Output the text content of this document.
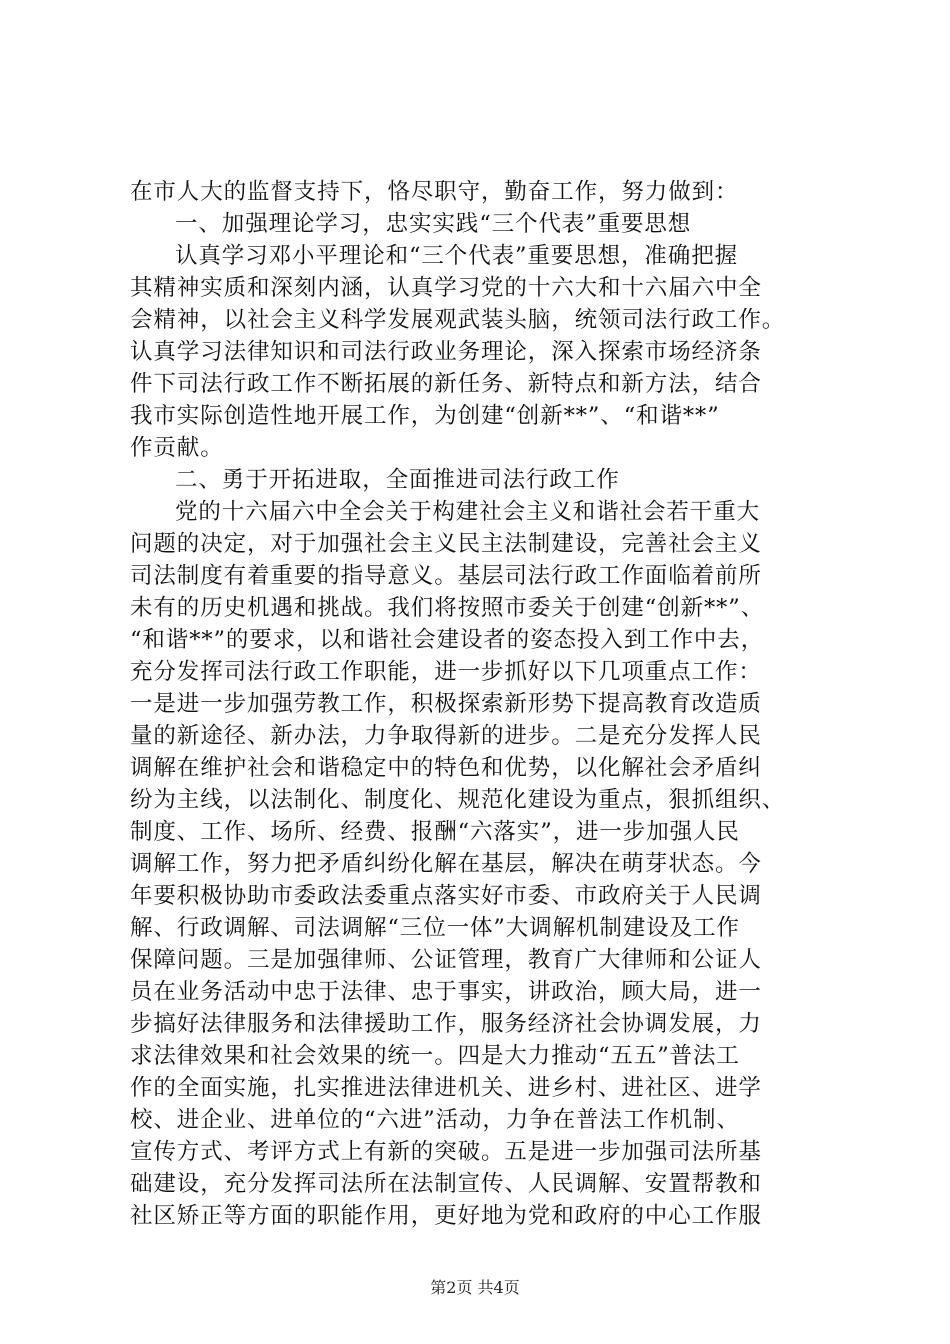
在市人大的监督支持下，恪尽职守，勤奋工作，努力做到：
一、加强理论学习，忠实实践“三个代表”重要思想
认真学习邓小平理论和“三个代表”重要思想，准确把握
其精神实质和深刻内涵，认真学习党的十六大和十六届六中全
会精神，以社会主义科学发展观武装头脑，统领司法行政工作。
认真学习法律知识和司法行政业务理论，深入探索市场经济条
件下司法行政工作不断拓展的新任务、新特点和新方法，结合
我市实际创造性地开展工作，为创建“创新**”、“和谐**”
作贡献。
二、勇于开拓进取，全面推进司法行政工作
党的十六届六中全会关于构建社会主义和谐社会若干重大
问题的决定，对于加强社会主义民主法制建设，完善社会主义
司法制度有着重要的指导意义。基层司法行政工作面临着前所
未有的历史机遇和挑战。我们将按照市委关于创建“创新**”、
“和谐**”的要求，以和谐社会建设者的姿态投入到工作中去，
充分发挥司法行政工作职能，进一步抓好以下几项重点工作：
一是进一步加强劳教工作，积极探索新形势下提高教育改造质
量的新途径、新办法，力争取得新的进步。二是充分发挥人民
调解在维护社会和谐稳定中的特色和优势，以化解社会矛盾纠
纷为主线，以法制化、制度化、规范化建设为重点，狠抓组织、
制度、工作、场所、经费、报酬“六落实”，进一步加强人民
调解工作，努力把矛盾纠纷化解在基层，解决在萌芽状态。今
年要积极协助市委政法委重点落实好市委、市政府关于人民调
解、行政调解、司法调解“三位一体”大调解机制建设及工作
保障问题。三是加强律师、公证管理，教育广大律师和公证人
员在业务活动中忠于法律、忠于事实，讲政治，顾大局，进一
步搞好法律服务和法律援助工作，服务经济社会协调发展，力
求法律效果和社会效果的统一。四是大力推动“五五”普法工
作的全面实施，扎实推进法律进机关、进乡村、进社区、进学
校、进企业、进单位的“六进”活动，力争在普法工作机制、
宣传方式、考评方式上有新的突破。五是进一步加强司法所基
础建设，充分发挥司法所在法制宣传、人民调解、安置帮教和
社区矫正等方面的职能作用，更好地为党和政府的中心工作服
第2页 共4页
